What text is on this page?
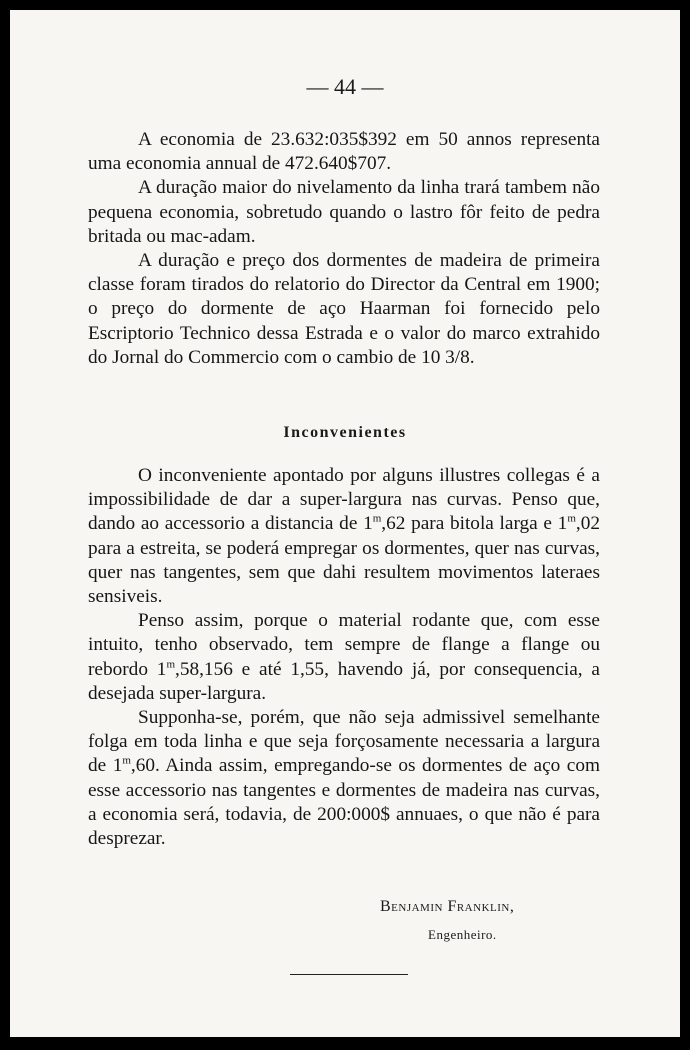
— 44 —

A economia de 23.632:035$392 em 50 annos representa uma economia annual de 472.640$707.

A duração maior do nivelamento da linha trará tambem não pequena economia, sobretudo quando o lastro fôr feito de pedra britada ou mac-adam.

A duração e preço dos dormentes de madeira de primeira classe foram tirados do relatorio do Director da Central em 1900; o preço do dormente de aço Haarman foi fornecido pelo Escriptorio Technico dessa Estrada e o valor do marco extrahido do Jornal do Commercio com o cambio de 10 3/8.

Inconvenientes

O inconveniente apontado por alguns illustres collegas é a impossibilidade de dar a super-largura nas curvas. Penso que, dando ao accessorio a distancia de 1$^m$,62 para bitola larga e 1$^m$,02 para a estreita, se poderá empregar os dormentes, quer nas curvas, quer nas tangentes, sem que dahi resultem movimentos lateraes sensiveis.

Penso assim, porque o material rodante que, com esse intuito, tenho observado, tem sempre de flange a flange ou rebordo 1$^m$,58,156 e até 1,55, havendo já, por consequencia, a desejada super-largura.

Supponha-se, porém, que não seja admissivel semelhante folga em toda linha e que seja forçosamente necessaria a largura de 1$^m$,60. Ainda assim, empregando-se os dormentes de aço com esse accessorio nas tangentes e dormentes de madeira nas curvas, a economia será, todavia, de 200:000$ annuaes, o que não é para desprezar.

Benjamin Franklin,
Engenheiro.
